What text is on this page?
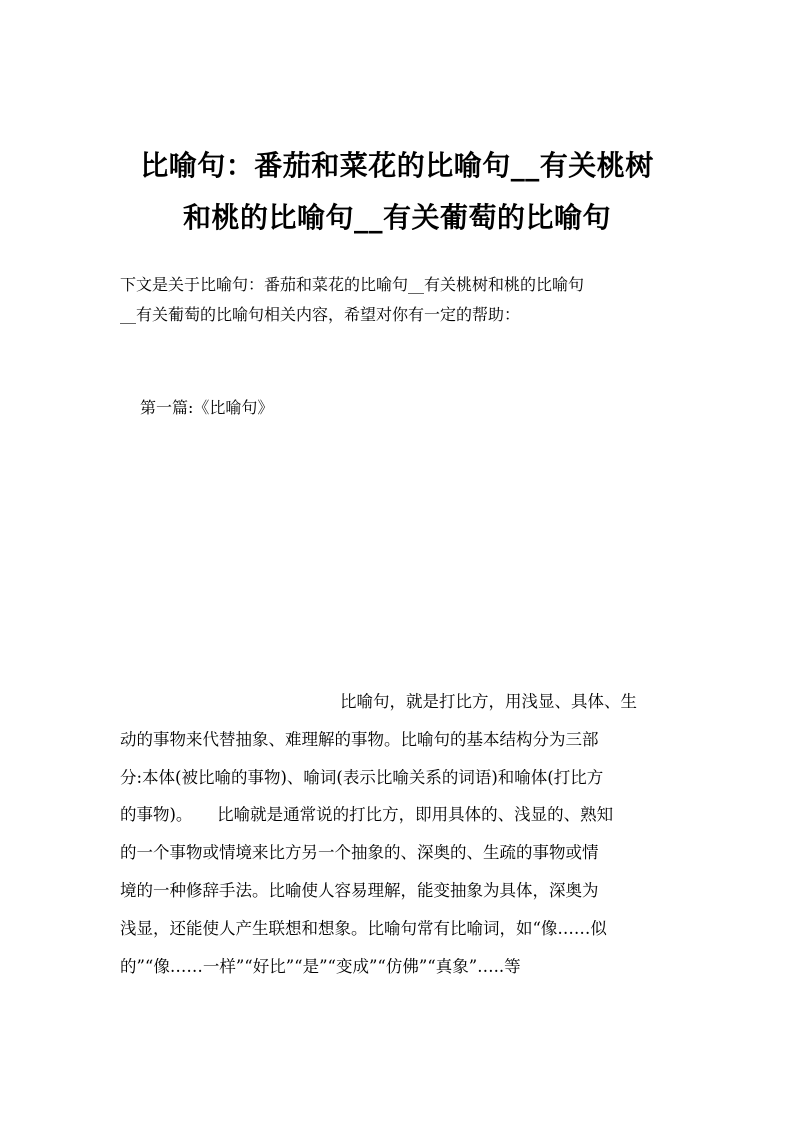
比喻句：番茄和菜花的比喻句__有关桃树
和桃的比喻句__有关葡萄的比喻句
下文是关于比喻句：番茄和菜花的比喻句__有关桃树和桃的比喻句
__有关葡萄的比喻句相关内容，希望对你有一定的帮助：
第一篇:《比喻句》
比喻句，就是打比方，用浅显、具体、生
动的事物来代替抽象、难理解的事物。比喻句的基本结构分为三部
分:本体(被比喻的事物)、喻词(表示比喻关系的词语)和喻体(打比方
的事物)。　　比喻就是通常说的打比方，即用具体的、浅显的、熟知
的一个事物或情境来比方另一个抽象的、深奥的、生疏的事物或情
境的一种修辞手法。比喻使人容易理解，能变抽象为具体，深奥为
浅显，还能使人产生联想和想象。比喻句常有比喻词，如“像……似
的”“像……一样”“好比”“是”“变成”“仿佛”“真象”…..等
